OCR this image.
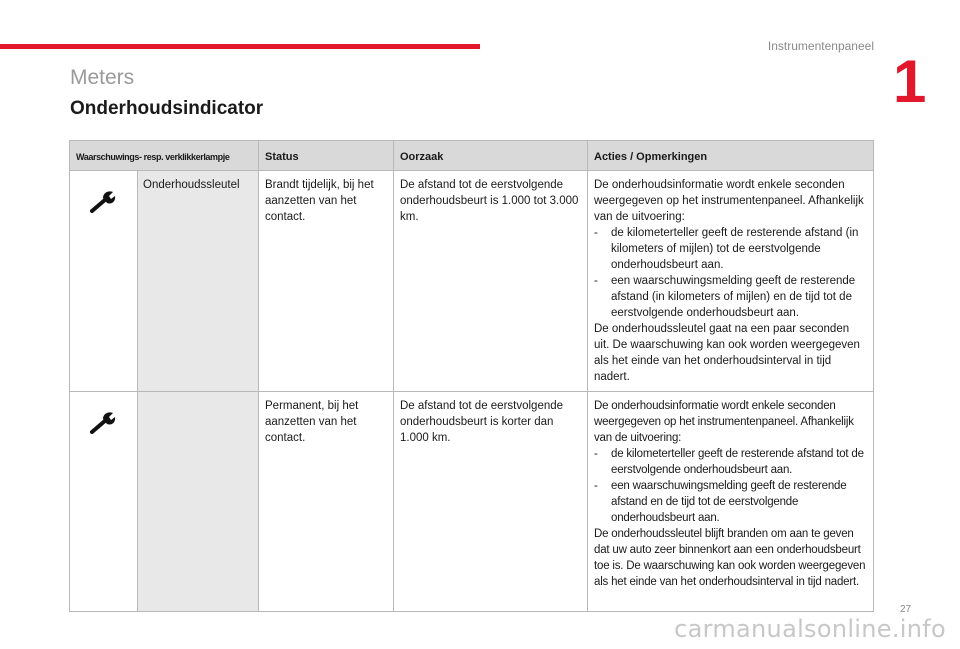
Instrumentenpaneel
1
Meters
Onderhoudsindicator
Waarschuwings- resp. verklikkerlampje		Status	Oorzaak	Acties / Opmerkingen
	Onderhoudssleutel	Brandt tijdelijk, bij het aanzetten van het contact.	De afstand tot de eerstvolgende onderhoudsbeurt is 1.000 tot 3.000 km.	De onderhoudsinformatie wordt enkele seconden weergegeven op het instrumentenpaneel. Afhankelijk van de uitvoering:
- de kilometerteller geeft de resterende afstand (in kilometers of mijlen) tot de eerstvolgende onderhoudsbeurt aan.
- een waarschuwingsmelding geeft de resterende afstand (in kilometers of mijlen) en de tijd tot de eerstvolgende onderhoudsbeurt aan.
De onderhoudssleutel gaat na een paar seconden uit. De waarschuwing kan ook worden weergegeven als het einde van het onderhoudsinterval in tijd nadert.

		Permanent, bij het aanzetten van het contact.	De afstand tot de eerstvolgende onderhoudsbeurt is korter dan 1.000 km.	De onderhoudsinformatie wordt enkele seconden weergegeven op het instrumentenpaneel. Afhankelijk van de uitvoering:
- de kilometerteller geeft de resterende afstand tot de eerstvolgende onderhoudsbeurt aan.
- een waarschuwingsmelding geeft de resterende afstand en de tijd tot de eerstvolgende onderhoudsbeurt aan.
De onderhoudssleutel blijft branden om aan te geven dat uw auto zeer binnenkort aan een onderhoudsbeurt toe is. De waarschuwing kan ook worden weergegeven als het einde van het onderhoudsinterval in tijd nadert.
27
carmanualsonline.info
